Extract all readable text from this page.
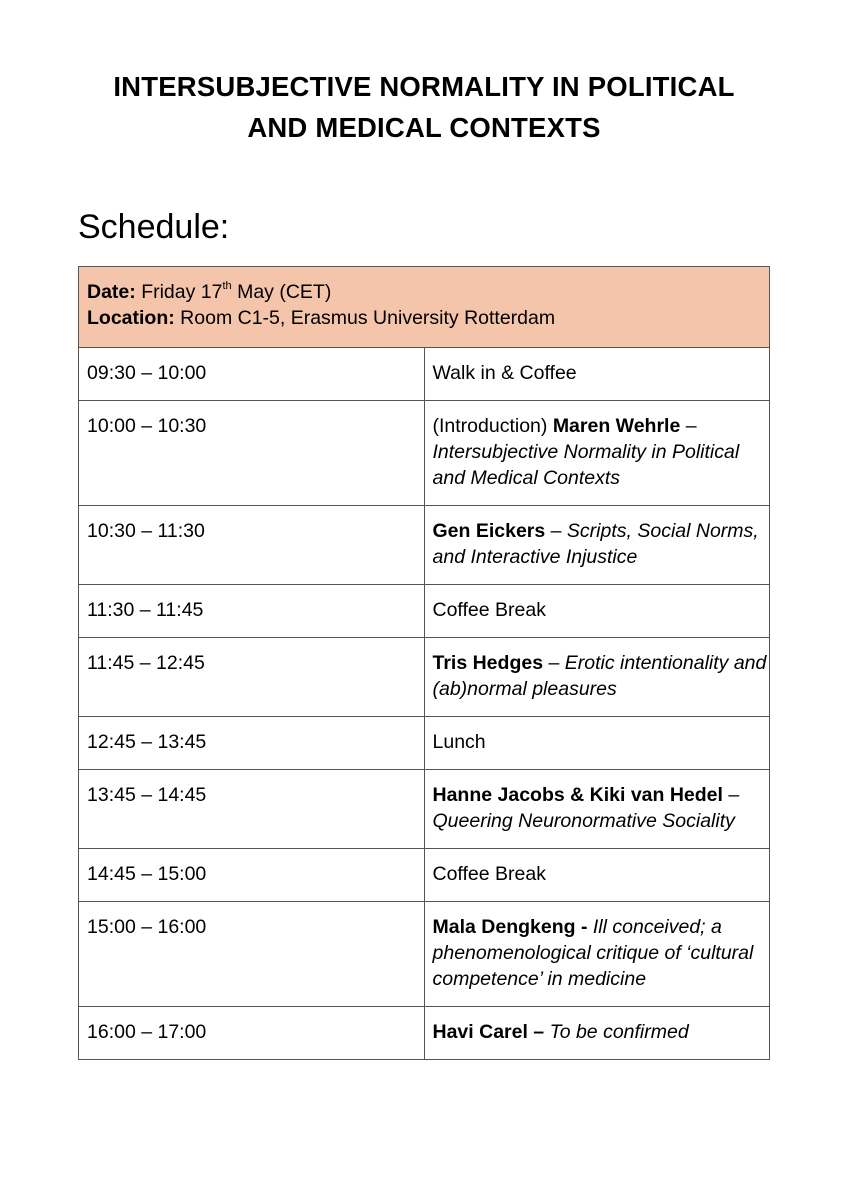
INTERSUBJECTIVE NORMALITY IN POLITICAL
AND MEDICAL CONTEXTS
Schedule:
Date: Friday 17th May (CET)
Location: Room C1-5, Erasmus University Rotterdam	

09:30 – 10:00	Walk in & Coffee
10:00 – 10:30	(Introduction) Maren Wehrle – Intersubjective Normality in Political and Medical Contexts
10:30 – 11:30	Gen Eickers – Scripts, Social Norms, and Interactive Injustice
11:30 – 11:45	Coffee Break
11:45 – 12:45	Tris Hedges – Erotic intentionality and (ab)normal pleasures
12:45 – 13:45	Lunch
13:45 – 14:45	Hanne Jacobs & Kiki van Hedel – Queering Neuronormative Sociality
14:45 – 15:00	Coffee Break
15:00 – 16:00	Mala Dengkeng - Ill conceived; a phenomenological critique of ‘cultural competence’ in medicine
16:00 – 17:00	Havi Carel – To be confirmed
